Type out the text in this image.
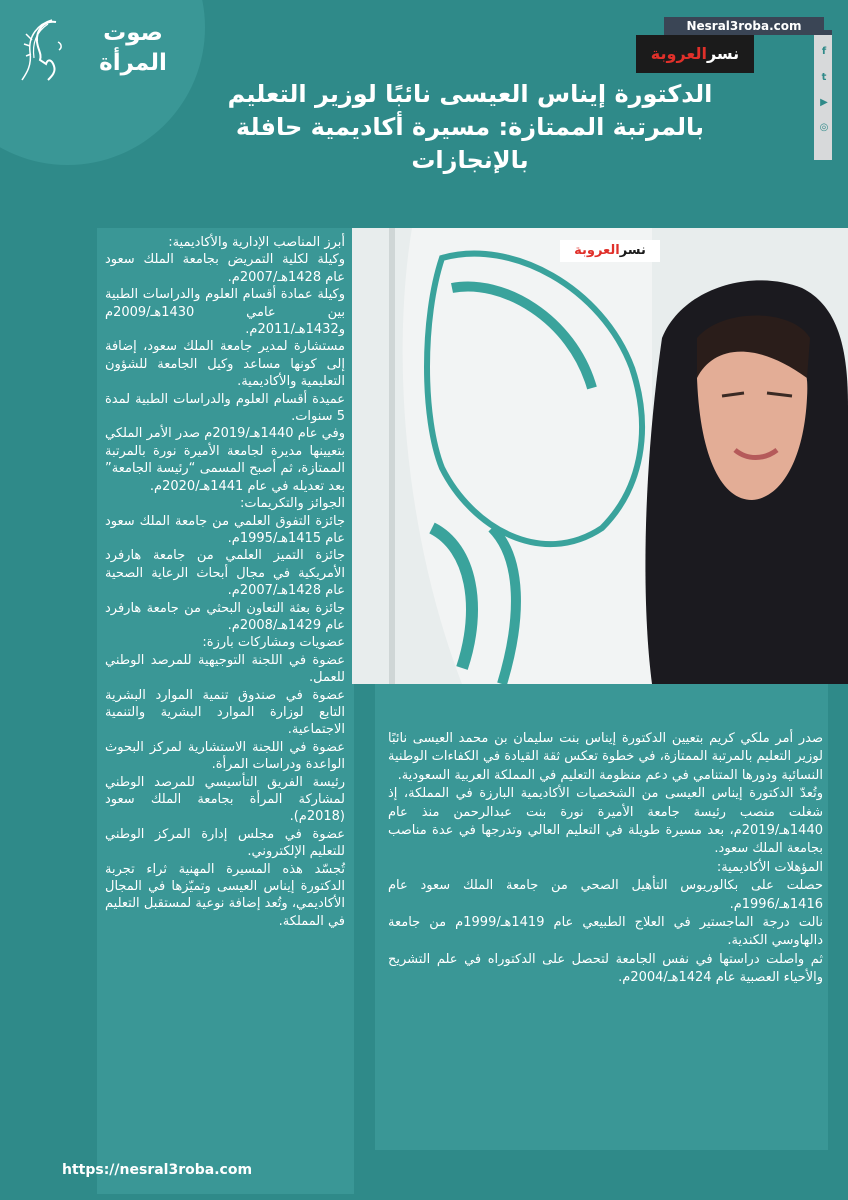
صوت المرأة
Nesral3roba.com
نسرالعروبة	f
t
▶
◎
الدكتورة إيناس العيسى نائبًا لوزير التعليم بالمرتبة الممتازة: مسيرة أكاديمية حافلة بالإنجازات
نسرالعروبة

أبرز المناصب الإدارية والأكاديمية:

وكيلة لكلية التمريض بجامعة الملك سعود عام 1428هـ/2007م.

وكيلة عمادة أقسام العلوم والدراسات الطبية بين عامي 1430هـ/2009م و1432هـ/2011م.

مستشارة لمدير جامعة الملك سعود، إضافة إلى كونها مساعد وكيل الجامعة للشؤون التعليمية والأكاديمية.

عميدة أقسام العلوم والدراسات الطبية لمدة 5 سنوات.

وفي عام 1440هـ/2019م صدر الأمر الملكي بتعيينها مديرة لجامعة الأميرة نورة بالمرتبة الممتازة، ثم أصبح المسمى “رئيسة الجامعة” بعد تعديله في عام 1441هـ/2020م.

الجوائز والتكريمات:

جائزة التفوق العلمي من جامعة الملك سعود عام 1415هـ/1995م.

جائزة التميز العلمي من جامعة هارفرد الأمريكية في مجال أبحاث الرعاية الصحية عام 1428هـ/2007م.

جائزة بعثة التعاون البحثي من جامعة هارفرد عام 1429هـ/2008م.

عضويات ومشاركات بارزة:

عضوة في اللجنة التوجيهية للمرصد الوطني للعمل.

عضوة في صندوق تنمية الموارد البشرية التابع لوزارة الموارد البشرية والتنمية الاجتماعية.

عضوة في اللجنة الاستشارية لمركز البحوث الواعدة ودراسات المرأة.

رئيسة الفريق التأسيسي للمرصد الوطني لمشاركة المرأة بجامعة الملك سعود (2018م).

عضوة في مجلس إدارة المركز الوطني للتعليم الإلكتروني.

تُجسّد هذه المسيرة المهنية ثراء تجربة الدكتورة إيناس العيسى وتميّزها في المجال الأكاديمي، وتُعد إضافة نوعية لمستقبل التعليم في المملكة.

صدر أمر ملكي كريم بتعيين الدكتورة إيناس بنت سليمان بن محمد العيسى نائبًا لوزير التعليم بالمرتبة الممتازة، في خطوة تعكس ثقة القيادة في الكفاءات الوطنية النسائية ودورها المتنامي في دعم منظومة التعليم في المملكة العربية السعودية.

وتُعدّ الدكتورة إيناس العيسى من الشخصيات الأكاديمية البارزة في المملكة، إذ شغلت منصب رئيسة جامعة الأميرة نورة بنت عبدالرحمن منذ عام 1440هـ/2019م، بعد مسيرة طويلة في التعليم العالي وتدرجها في عدة مناصب بجامعة الملك سعود.

المؤهلات الأكاديمية:

حصلت على بكالوريوس التأهيل الصحي من جامعة الملك سعود عام 1416هـ/1996م.

نالت درجة الماجستير في العلاج الطبيعي عام 1419هـ/1999م من جامعة دالهاوسي الكندية.

ثم واصلت دراستها في نفس الجامعة لتحصل على الدكتوراه في علم التشريح والأحياء العصبية عام 1424هـ/2004م.

https://nesral3roba.com
